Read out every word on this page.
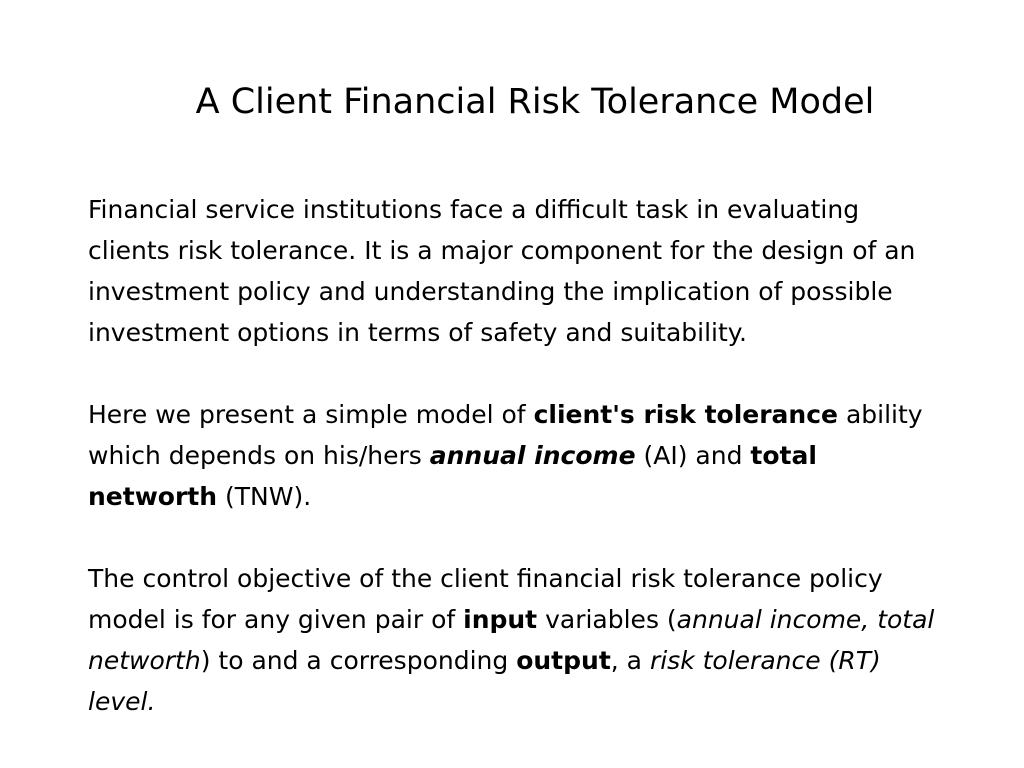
A Client Financial Risk Tolerance Model

Financial service institutions face a difficult task in evaluating clients risk tolerance. It is a major component for the design of an investment policy and understanding the implication of possible investment options in terms of safety and suitability.

Here we present a simple model of client's risk tolerance ability which depends on his/hers annual income (AI) and total networth (TNW).

The control objective of the client financial risk tolerance policy model is for any given pair of input variables (annual income, total networth) to and a corresponding output, a risk tolerance (RT) level.
